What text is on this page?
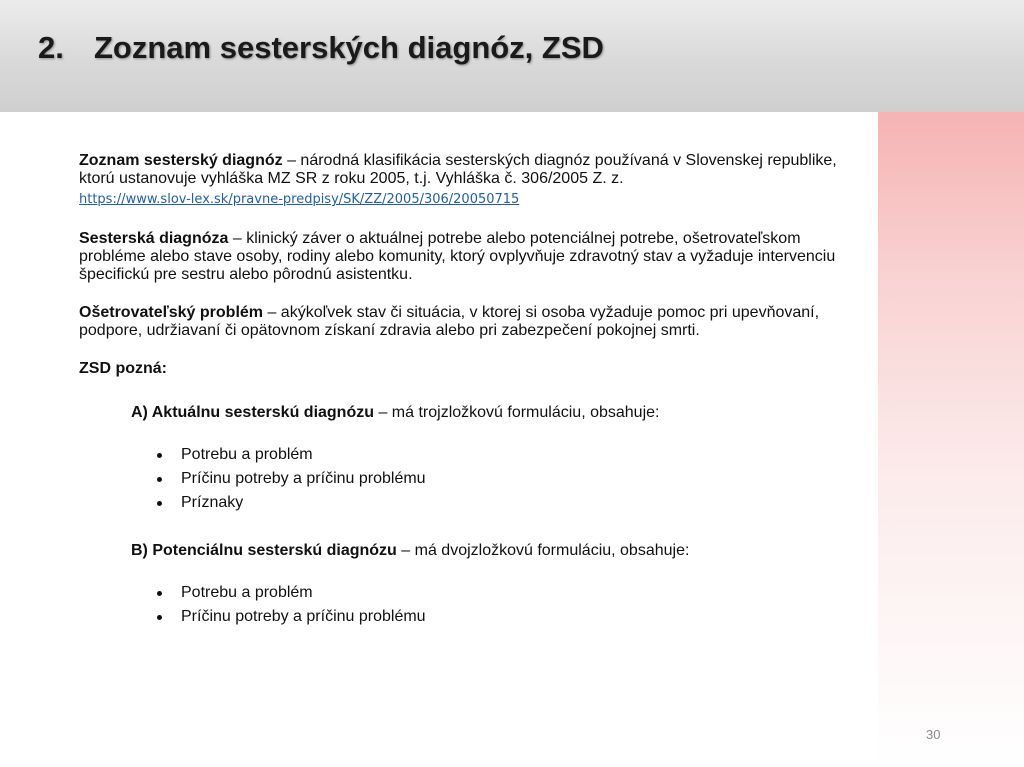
2. Zoznam sesterských diagnóz, ZSD

Zoznam sesterský diagnóz – národná klasifikácia sesterských diagnóz používaná v Slovenskej republike, ktorú ustanovuje vyhláška MZ SR z roku 2005, t.j. Vyhláška č. 306/2005 Z. z.

https://www.slov-lex.sk/pravne-predpisy/SK/ZZ/2005/306/20050715

Sesterská diagnóza – klinický záver o aktuálnej potrebe alebo potenciálnej potrebe, ošetrovateľskom probléme alebo stave osoby, rodiny alebo komunity, ktorý ovplyvňuje zdravotný stav a vyžaduje intervenciu špecifickú pre sestru alebo pôrodnú asistentku.

Ošetrovateľský problém – akýkoľvek stav či situácia, v ktorej si osoba vyžaduje pomoc pri upevňovaní, podpore, udržiavaní či opätovnom získaní zdravia alebo pri zabezpečení pokojnej smrti.

ZSD pozná:
A) Aktuálnu sesterskú diagnózu – má trojzložkovú formuláciu, obsahuje:
Potrebu a problém
Príčinu potreby a príčinu problému
Príznaky
B) Potenciálnu sesterskú diagnózu – má dvojzložkovú formuláciu, obsahuje:
Potrebu a problém
Príčinu potreby a príčinu problému
30
